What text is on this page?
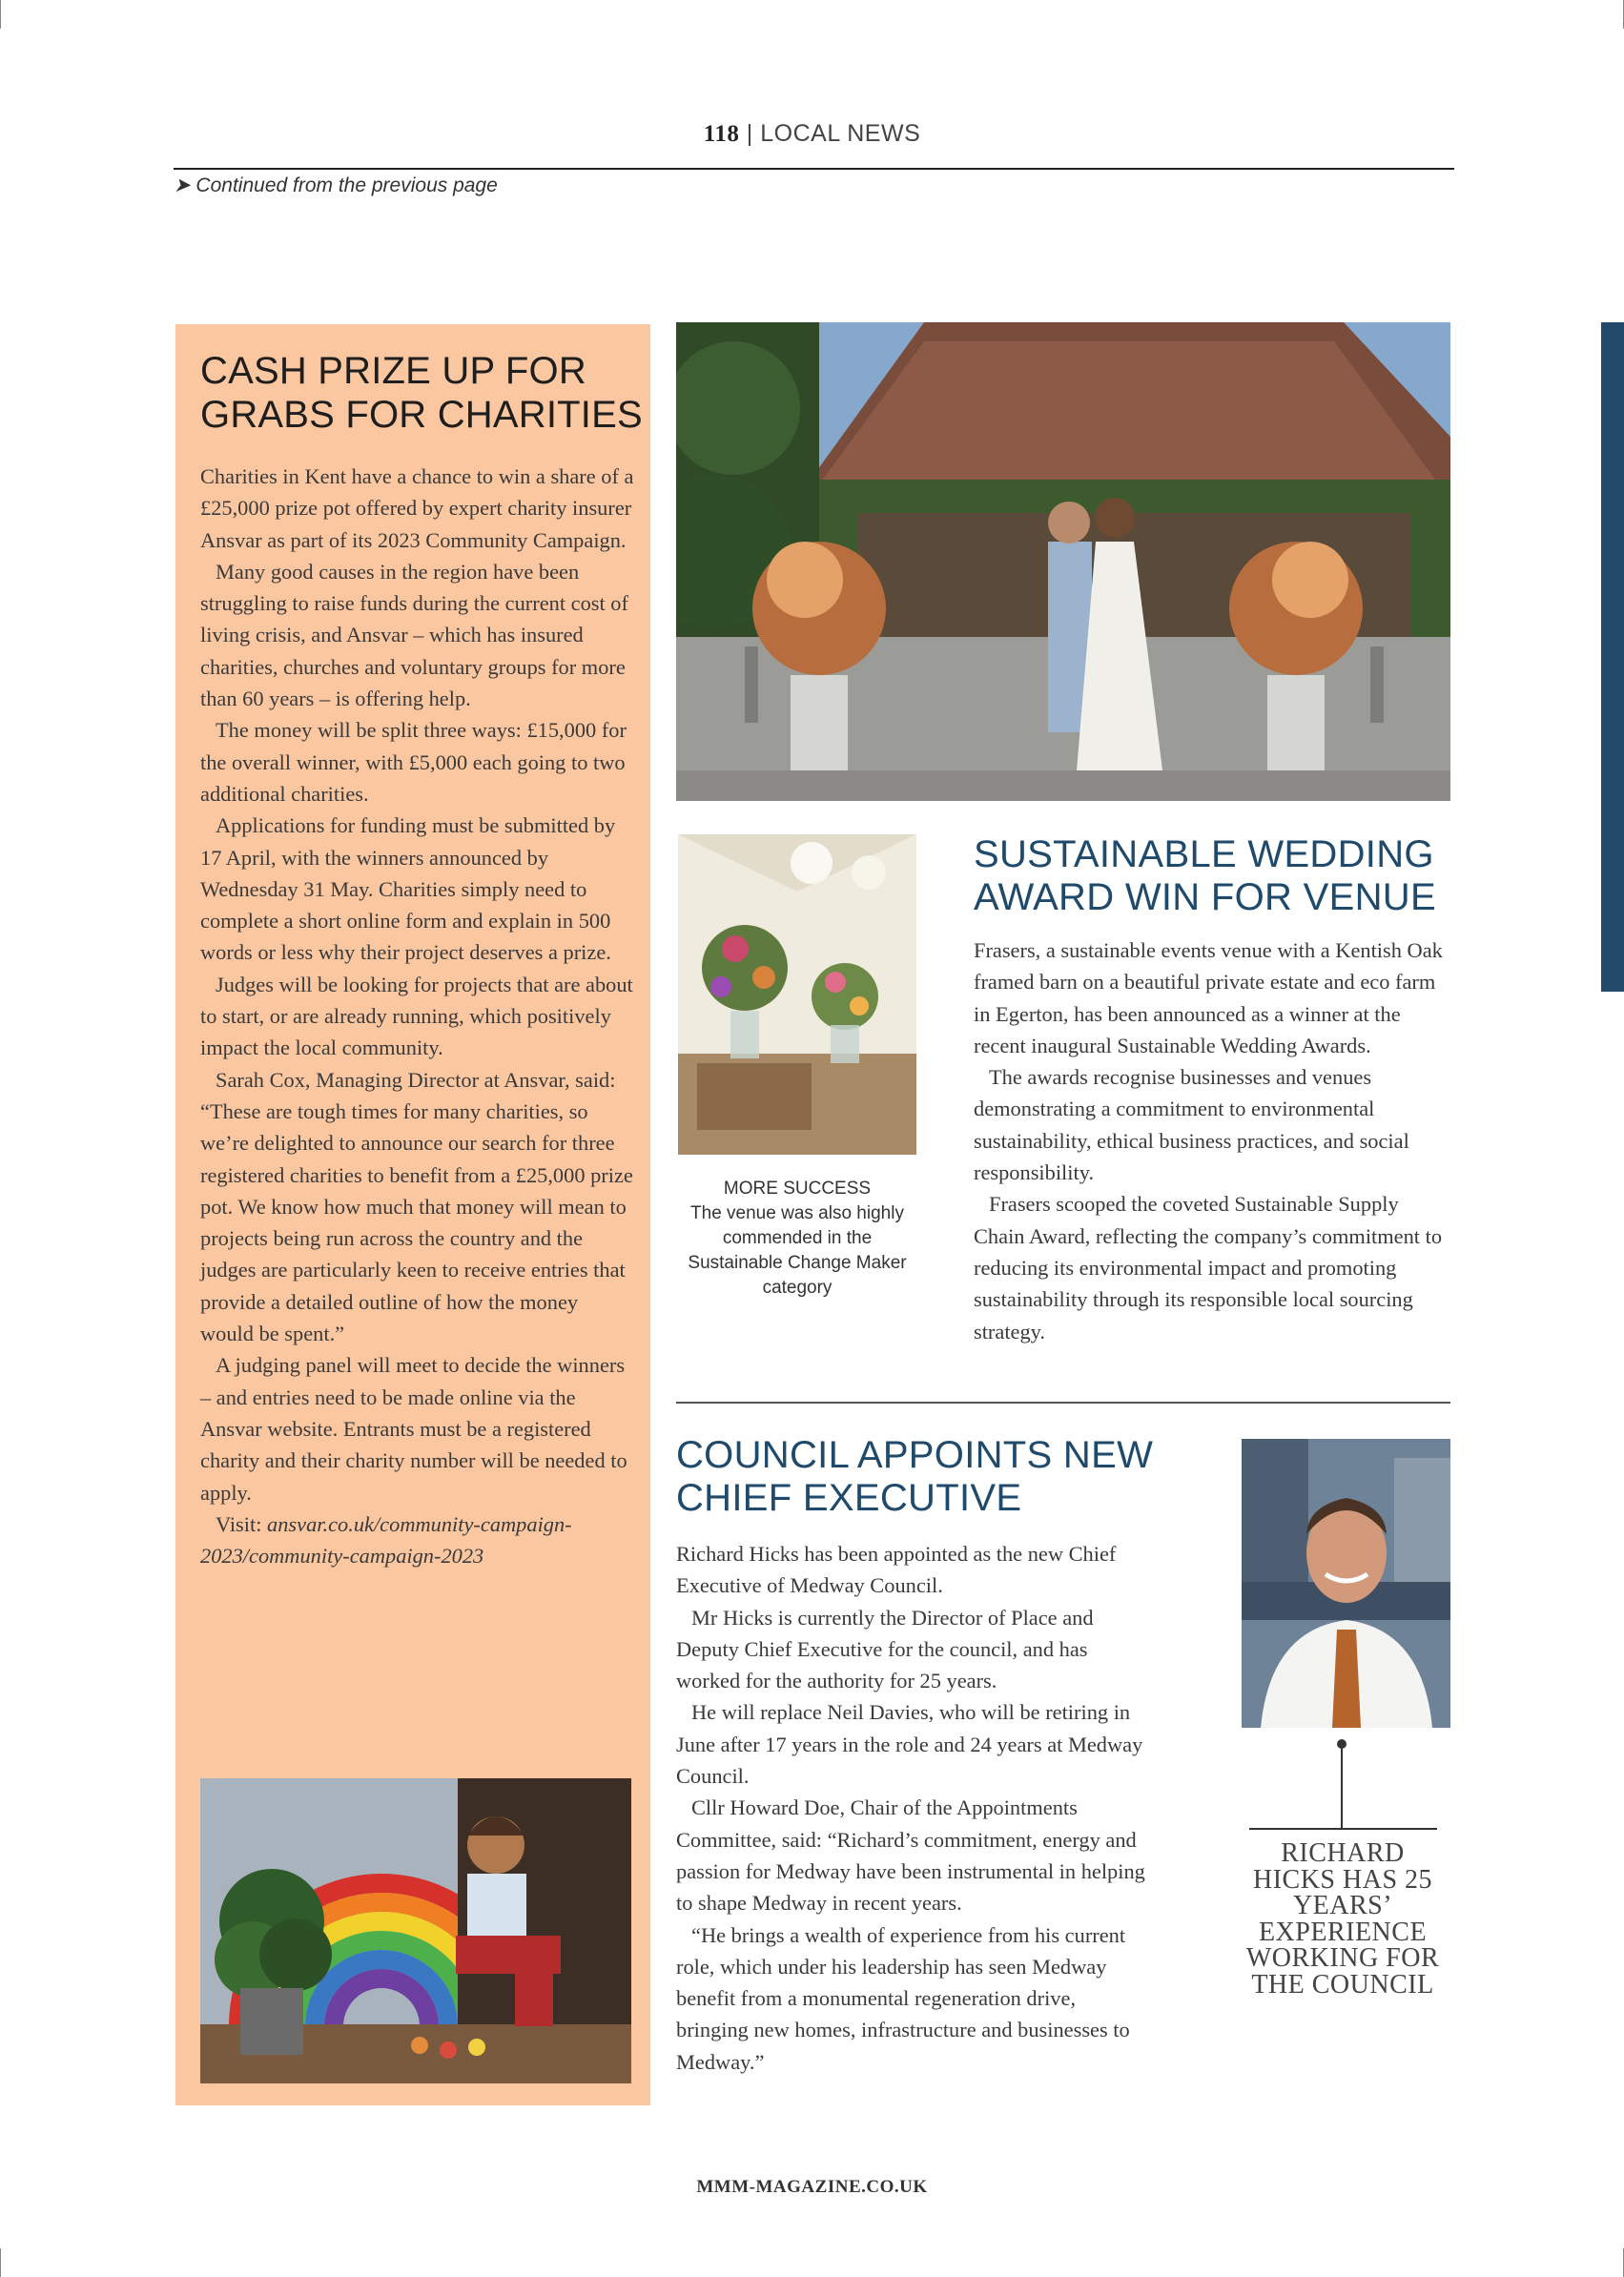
118 | LOCAL NEWS
➤ Continued from the previous page
CASH PRIZE UP FOR GRABS FOR CHARITIES

Charities in Kent have a chance to win a share of a £25,000 prize pot offered by expert charity insurer Ansvar as part of its 2023 Community Campaign.

Many good causes in the region have been struggling to raise funds during the current cost of living crisis, and Ansvar – which has insured charities, churches and voluntary groups for more than 60 years – is offering help.

The money will be split three ways: £15,000 for the overall winner, with £5,000 each going to two additional charities.

Applications for funding must be submitted by 17 April, with the winners announced by Wednesday 31 May. Charities simply need to complete a short online form and explain in 500 words or less why their project deserves a prize.

Judges will be looking for projects that are about to start, or are already running, which positively impact the local community.

Sarah Cox, Managing Director at Ansvar, said: “These are tough times for many charities, so we’re delighted to announce our search for three registered charities to benefit from a £25,000 prize pot. We know how much that money will mean to projects being run across the country and the judges are particularly keen to receive entries that provide a detailed outline of how the money would be spent.”

A judging panel will meet to decide the winners – and entries need to be made online via the Ansvar website. Entrants must be a registered charity and their charity number will be needed to apply.

Visit: ansvar.co.uk/community-campaign-2023/community-campaign-2023

MORE SUCCESS
The venue was also highly commended in the Sustainable Change Maker category
SUSTAINABLE WEDDING AWARD WIN FOR VENUE

Frasers, a sustainable events venue with a Kentish Oak framed barn on a beautiful private estate and eco farm in Egerton, has been announced as a winner at the recent inaugural Sustainable Wedding Awards.

The awards recognise businesses and venues demonstrating a commitment to environmental sustainability, ethical business practices, and social responsibility.

Frasers scooped the coveted Sustainable Supply Chain Award, reflecting the company’s commitment to reducing its environmental impact and promoting sustainability through its responsible local sourcing strategy.

COUNCIL APPOINTS NEW CHIEF EXECUTIVE

Richard Hicks has been appointed as the new Chief Executive of Medway Council.

Mr Hicks is currently the Director of Place and Deputy Chief Executive for the council, and has worked for the authority for 25 years.

He will replace Neil Davies, who will be retiring in June after 17 years in the role and 24 years at Medway Council.

Cllr Howard Doe, Chair of the Appointments Committee, said: “Richard’s commitment, energy and passion for Medway have been instrumental in helping to shape Medway in recent years.

“He brings a wealth of experience from his current role, which under his leadership has seen Medway benefit from a monumental regeneration drive, bringing new homes, infrastructure and businesses to Medway.”

RICHARD HICKS HAS 25 YEARS’ EXPERIENCE WORKING FOR THE COUNCIL
MMM-MAGAZINE.CO.UK
